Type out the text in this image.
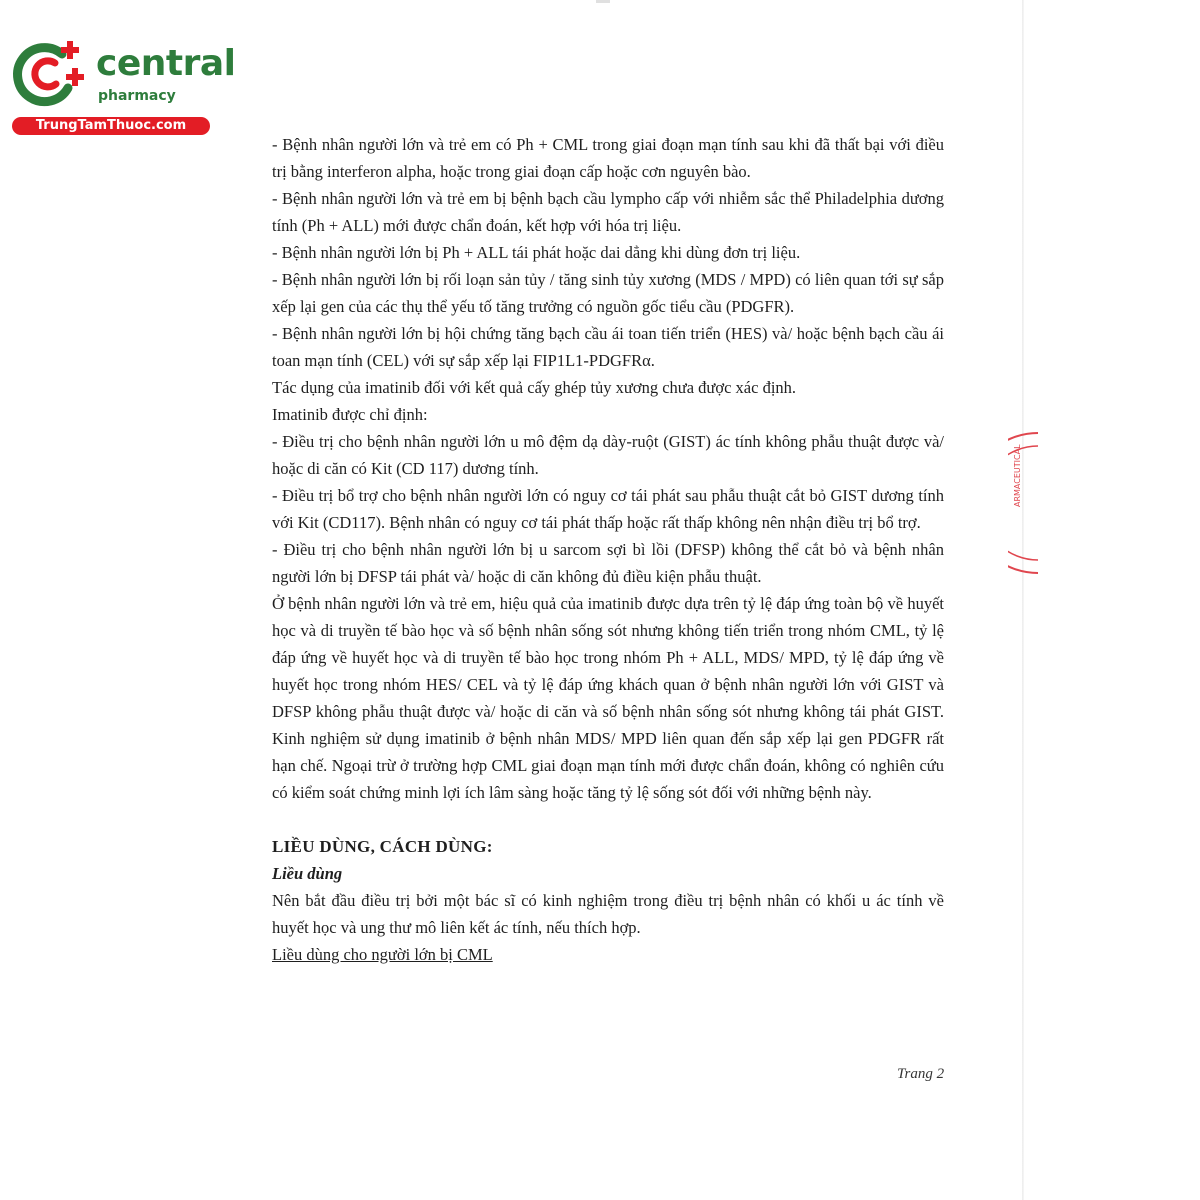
central
pharmacy
TrungTamThuoc.com

- Bệnh nhân người lớn và trẻ em có Ph + CML trong giai đoạn mạn tính sau khi đã thất bại với điều trị bằng interferon alpha, hoặc trong giai đoạn cấp hoặc cơn nguyên bào.

- Bệnh nhân người lớn và trẻ em bị bệnh bạch cầu lympho cấp với nhiễm sắc thể Philadelphia dương tính (Ph + ALL) mới được chẩn đoán, kết hợp với hóa trị liệu.

- Bệnh nhân người lớn bị Ph + ALL tái phát hoặc dai dẳng khi dùng đơn trị liệu.

- Bệnh nhân người lớn bị rối loạn sản tủy / tăng sinh tủy xương (MDS / MPD) có liên quan tới sự sắp xếp lại gen của các thụ thể yếu tố tăng trưởng có nguồn gốc tiểu cầu (PDGFR).

- Bệnh nhân người lớn bị hội chứng tăng bạch cầu ái toan tiến triển (HES) và/ hoặc bệnh bạch cầu ái toan mạn tính (CEL) với sự sắp xếp lại FIP1L1-PDGFRα.

Tác dụng của imatinib đối với kết quả cấy ghép tủy xương chưa được xác định.

Imatinib được chỉ định:

- Điều trị cho bệnh nhân người lớn u mô đệm dạ dày-ruột (GIST) ác tính không phẫu thuật được và/ hoặc di căn có Kit (CD 117) dương tính.

- Điều trị bổ trợ cho bệnh nhân người lớn có nguy cơ tái phát sau phẫu thuật cắt bỏ GIST dương tính với Kit (CD117). Bệnh nhân có nguy cơ tái phát thấp hoặc rất thấp không nên nhận điều trị bổ trợ.

- Điều trị cho bệnh nhân người lớn bị u sarcom sợi bì lồi (DFSP) không thể cắt bỏ và bệnh nhân người lớn bị DFSP tái phát và/ hoặc di căn không đủ điều kiện phẫu thuật.

Ở bệnh nhân người lớn và trẻ em, hiệu quả của imatinib được dựa trên tỷ lệ đáp ứng toàn bộ về huyết học và di truyền tế bào học và số bệnh nhân sống sót nhưng không tiến triển trong nhóm CML, tỷ lệ đáp ứng về huyết học và di truyền tế bào học trong nhóm Ph + ALL, MDS/ MPD, tỷ lệ đáp ứng về huyết học trong nhóm HES/ CEL và tỷ lệ đáp ứng khách quan ở bệnh nhân người lớn với GIST và DFSP không phẫu thuật được và/ hoặc di căn và số bệnh nhân sống sót nhưng không tái phát GIST. Kinh nghiệm sử dụng imatinib ở bệnh nhân MDS/ MPD liên quan đến sắp xếp lại gen PDGFR rất hạn chế. Ngoại trừ ở trường hợp CML giai đoạn mạn tính mới được chẩn đoán, không có nghiên cứu có kiểm soát chứng minh lợi ích lâm sàng hoặc tăng tỷ lệ sống sót đối với những bệnh này.

LIỀU DÙNG, CÁCH DÙNG:

Liều dùng

Nên bắt đầu điều trị bởi một bác sĩ có kinh nghiệm trong điều trị bệnh nhân có khối u ác tính về huyết học và ung thư mô liên kết ác tính, nếu thích hợp.

Liều dùng cho người lớn bị CML

Trang 2
ARMACEUTICAL
